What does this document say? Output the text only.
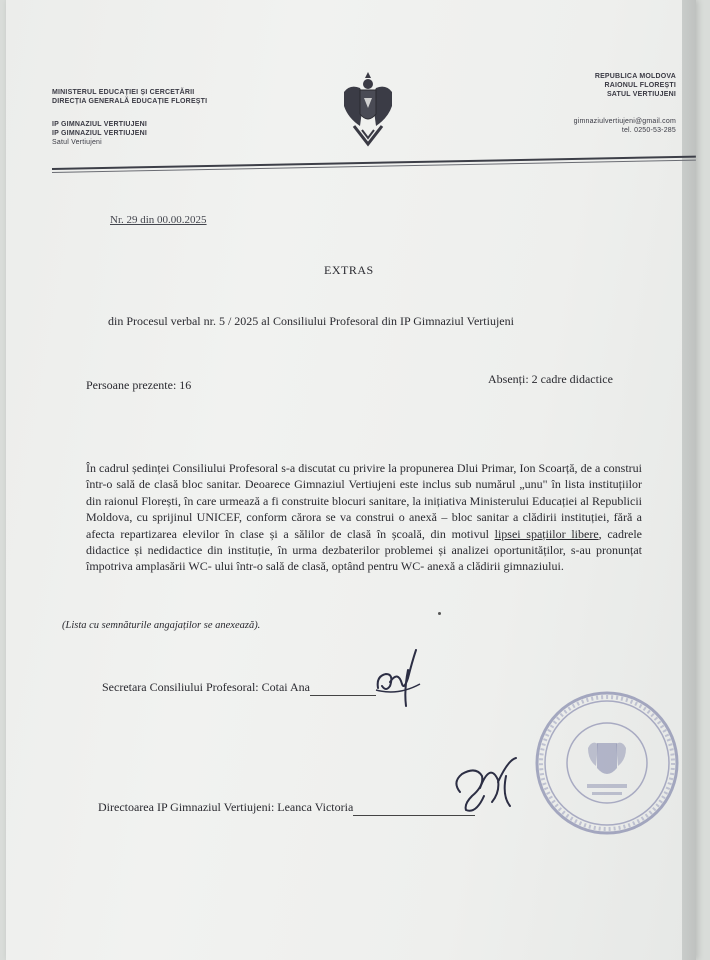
MINISTERUL EDUCAȚIEI ȘI CERCETĂRII
DIRECȚIA GENERALĂ EDUCAȚIE FLOREȘTI
IP GIMNAZIUL VERTIUJENI
IP GIMNAZIUL VERTIUJENI
Satul Vertiujeni
REPUBLICA MOLDOVA
RAIONUL FLOREȘTI
SATUL VERTIUJENI
gimnaziulvertiujeni@gmail.com
tel. 0250-53-285
Nr. 29 din 00.00.2025
EXTRAS
din Procesul verbal nr. 5 / 2025 al Consiliului Profesoral din IP Gimnaziul Vertiujeni
Persoane prezente: 16	Absenți: 2 cadre didactice
În cadrul ședinței Consiliului Profesoral s-a discutat cu privire la propunerea Dlui Primar, Ion Scoarță, de a construi într-o sală de clasă bloc sanitar. Deoarece Gimnaziul Vertiujeni este inclus sub numărul „unu" în lista instituțiilor din raionul Florești, în care urmează a fi construite blocuri sanitare, la inițiativa Ministerului Educației al Republicii Moldova, cu sprijinul UNICEF, conform cărora se va construi o anexă – bloc sanitar a clădirii instituției, fără a afecta repartizarea elevilor în clase și a sălilor de clasă în școală, din motivul lipsei spațiilor libere, cadrele didactice și nedidactice din instituție, în urma dezbaterilor problemei și analizei oportunităților, s-au pronunțat împotriva amplasării WC- ului într-o sală de clasă, optând pentru WC- anexă a clădirii gimnaziului.
(Lista cu semnăturile angajaților se anexează).
Secretara Consiliului Profesoral: Cotai Ana
Directoarea IP Gimnaziul Vertiujeni: Leanca Victoria
